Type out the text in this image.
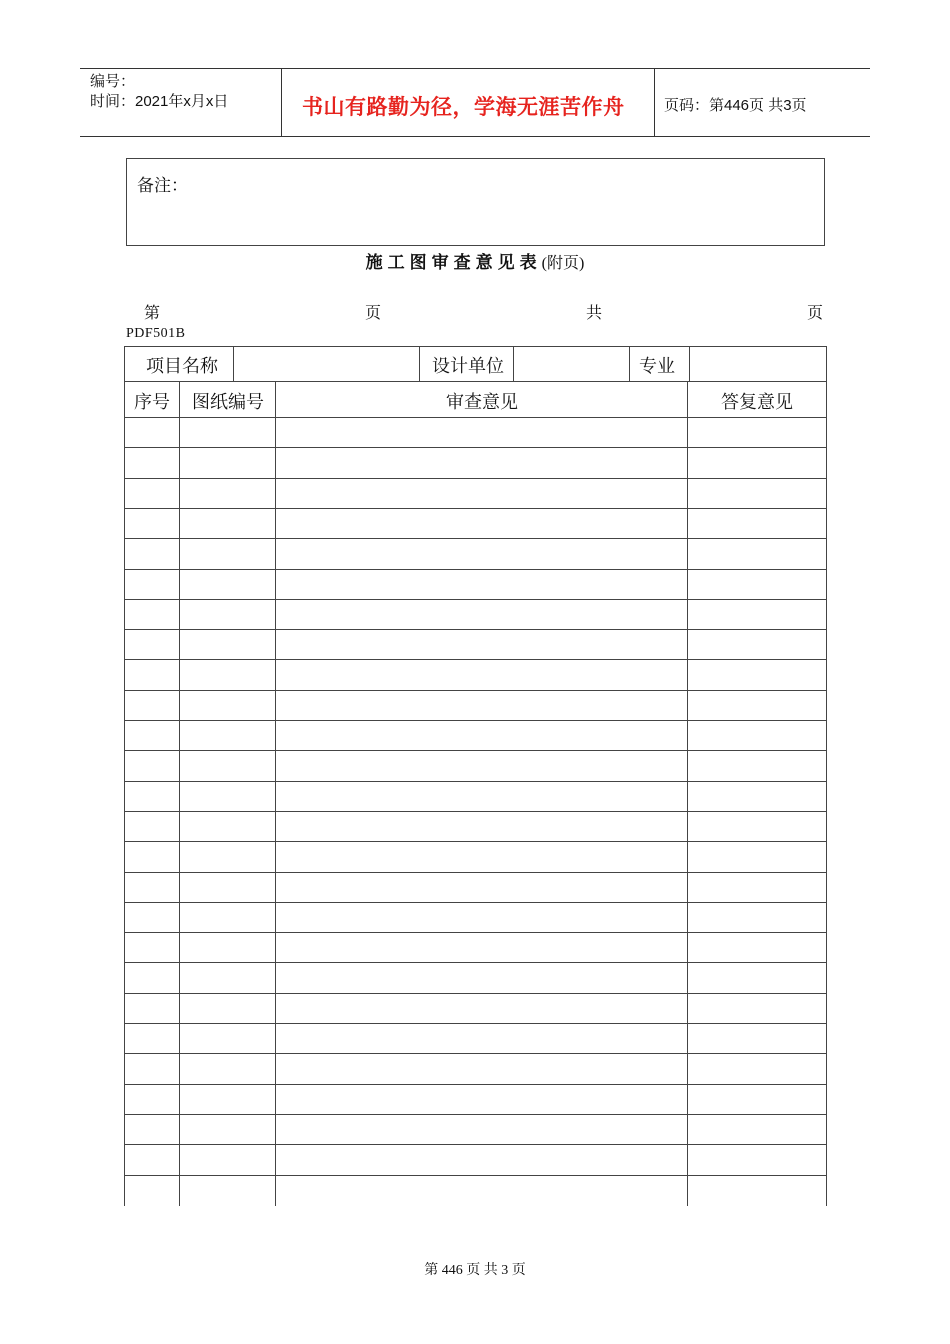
编号：
时间：2021年x月x日	书山有路勤为径，学海无涯苦作舟	页码：第446页 共3页
备注：
施工图审查意见表(附页)
第	页	共	页
PDF501B
项目名称	设计单位	专业
序号	图纸编号	审查意见	答复意见
第 446 页 共 3 页
